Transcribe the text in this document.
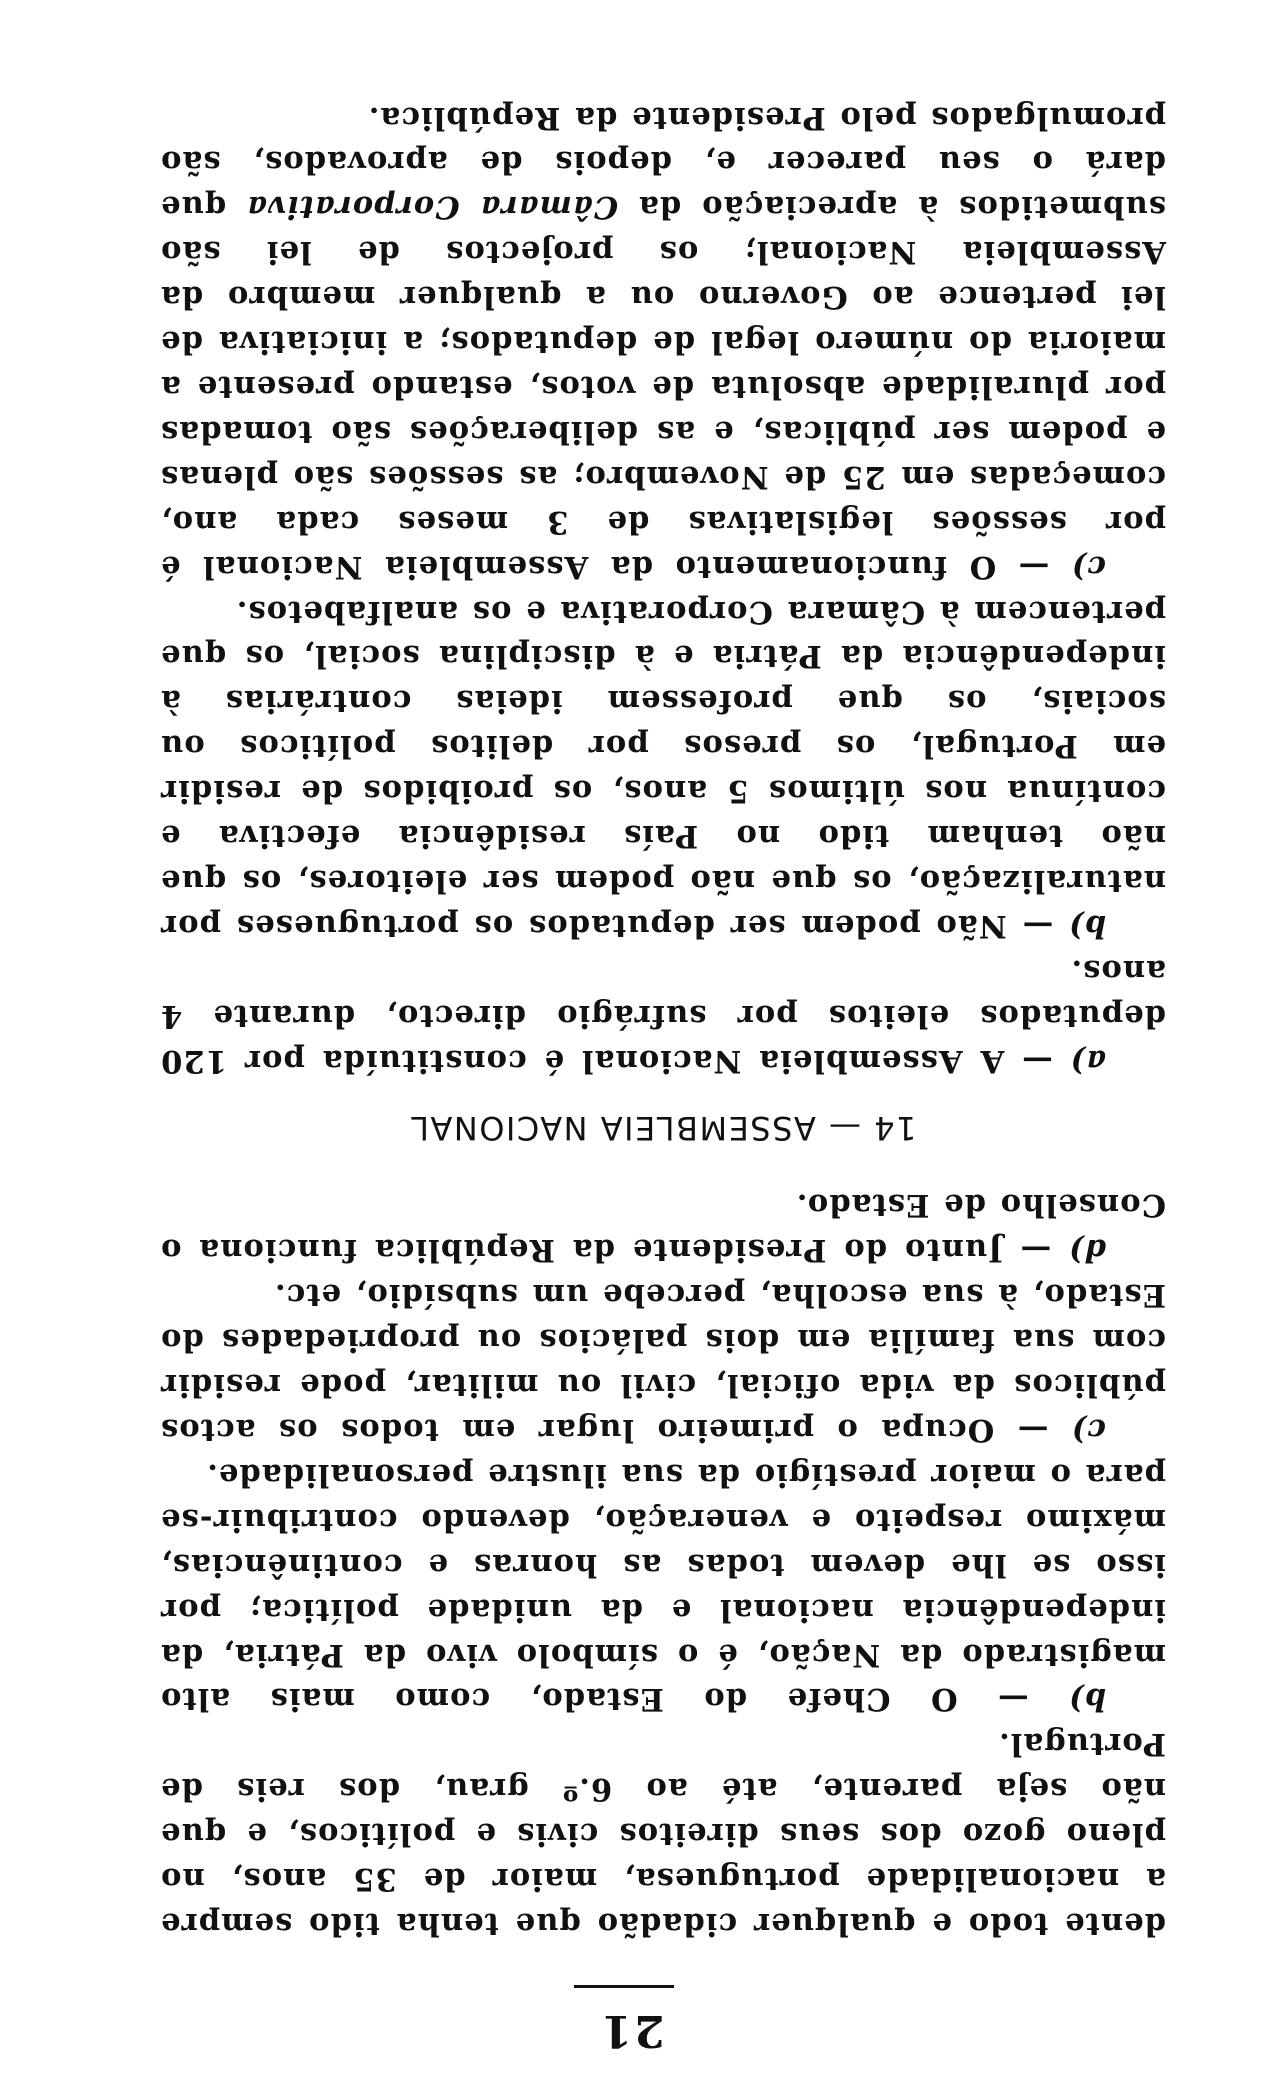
21

dente todo e qualquer cidadão que tenha tido sempre a nacionalidade portuguesa, maior de 35 anos, no pleno gozo dos seus direitos civis e políticos, e que não seja parente, até ao 6.º grau, dos reis de Portugal.

b) — O Chefe do Estado, como mais alto magistrado da Nação, é o símbolo vivo da Pátria, da independência nacional e da unidade política; por isso se lhe devem todas as honras e continências, máximo respeito e veneração, devendo contribuir-se para o maior prestígio da sua ilustre personalidade.

c) — Ocupa o primeiro lugar em todos os actos públicos da vida oficial, civil ou militar, pode residir com sua família em dois palácios ou propriedades do Estado, à sua escolha, percebe um subsídio, etc.

d) — Junto do Presidente da República funciona o Conselho de Estado.

14 — ASSEMBLEIA NACIONAL

a) — A Assembleia Nacional é constituída por 120 deputados eleitos por sufrágio directo, durante 4 anos.

b) — Não podem ser deputados os portugueses por naturalização, os que não podem ser eleitores, os que não tenham tido no País residência efectiva e contínua nos últimos 5 anos, os proibidos de residir em Portugal, os presos por delitos políticos ou sociais, os que professem ideias contrárias à independência da Pátria e à disciplina social, os que pertencem à Câmara Corporativa e os analfabetos.

c) — O funcionamento da Assembleia Nacional é por sessões legislativas de 3 meses cada ano, começadas em 25 de Novembro; as sessões são plenas e podem ser públicas, e as deliberações são tomadas por pluralidade absoluta de votos, estando presente a maioria do número legal de deputados; a iniciativa de lei pertence ao Governo ou a qualquer membro da Assembleia Nacional; os projectos de lei são submetidos à apreciação da Câmara Corporativa que dará o seu parecer e, depois de aprovados, são promulgados pelo Presidente da República.
